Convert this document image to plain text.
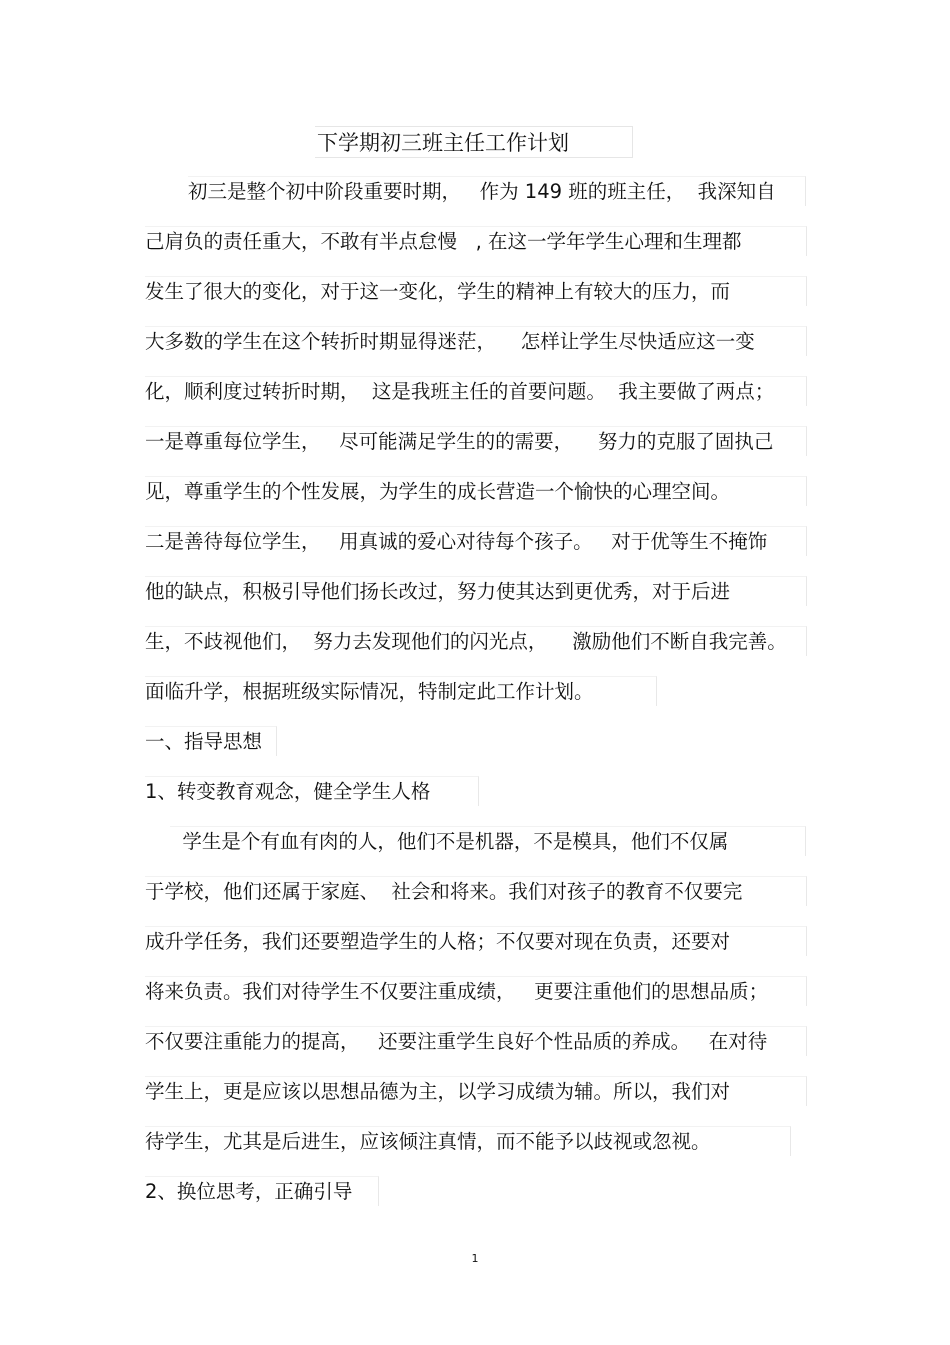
下学期初三班主任工作计划
初三是整个初中阶段重要时期，   作为 149 班的班主任，  我深知自
己肩负的责任重大，不敢有半点怠慢   , 在这一学年学生心理和生理都
发生了很大的变化，对于这一变化，学生的精神上有较大的压力，而
大多数的学生在这个转折时期显得迷茫，    怎样让学生尽快适应这一变
化，顺利度过转折时期，  这是我班主任的首要问题。  我主要做了两点；
一是尊重每位学生，   尽可能满足学生的的需要，    努力的克服了固执己
见，尊重学生的个性发展，为学生的成长营造一个愉快的心理空间。
二是善待每位学生，   用真诚的爱心对待每个孩子。   对于优等生不掩饰
他的缺点，积极引导他们扬长改过，努力使其达到更优秀，对于后进
生，不歧视他们，  努力去发现他们的闪光点，    激励他们不断自我完善。
面临升学，根据班级实际情况，特制定此工作计划。
一、指导思想
1、转变教育观念，健全学生人格
学生是个有血有肉的人，他们不是机器，不是模具，他们不仅属
于学校，他们还属于家庭、  社会和将来。我们对孩子的教育不仅要完
成升学任务，我们还要塑造学生的人格；不仅要对现在负责，还要对
将来负责。我们对待学生不仅要注重成绩，   更要注重他们的思想品质；
不仅要注重能力的提高，   还要注重学生良好个性品质的养成。   在对待
学生上，更是应该以思想品德为主，以学习成绩为辅。所以，我们对
待学生，尤其是后进生，应该倾注真情，而不能予以歧视或忽视。
2、换位思考，正确引导
1
